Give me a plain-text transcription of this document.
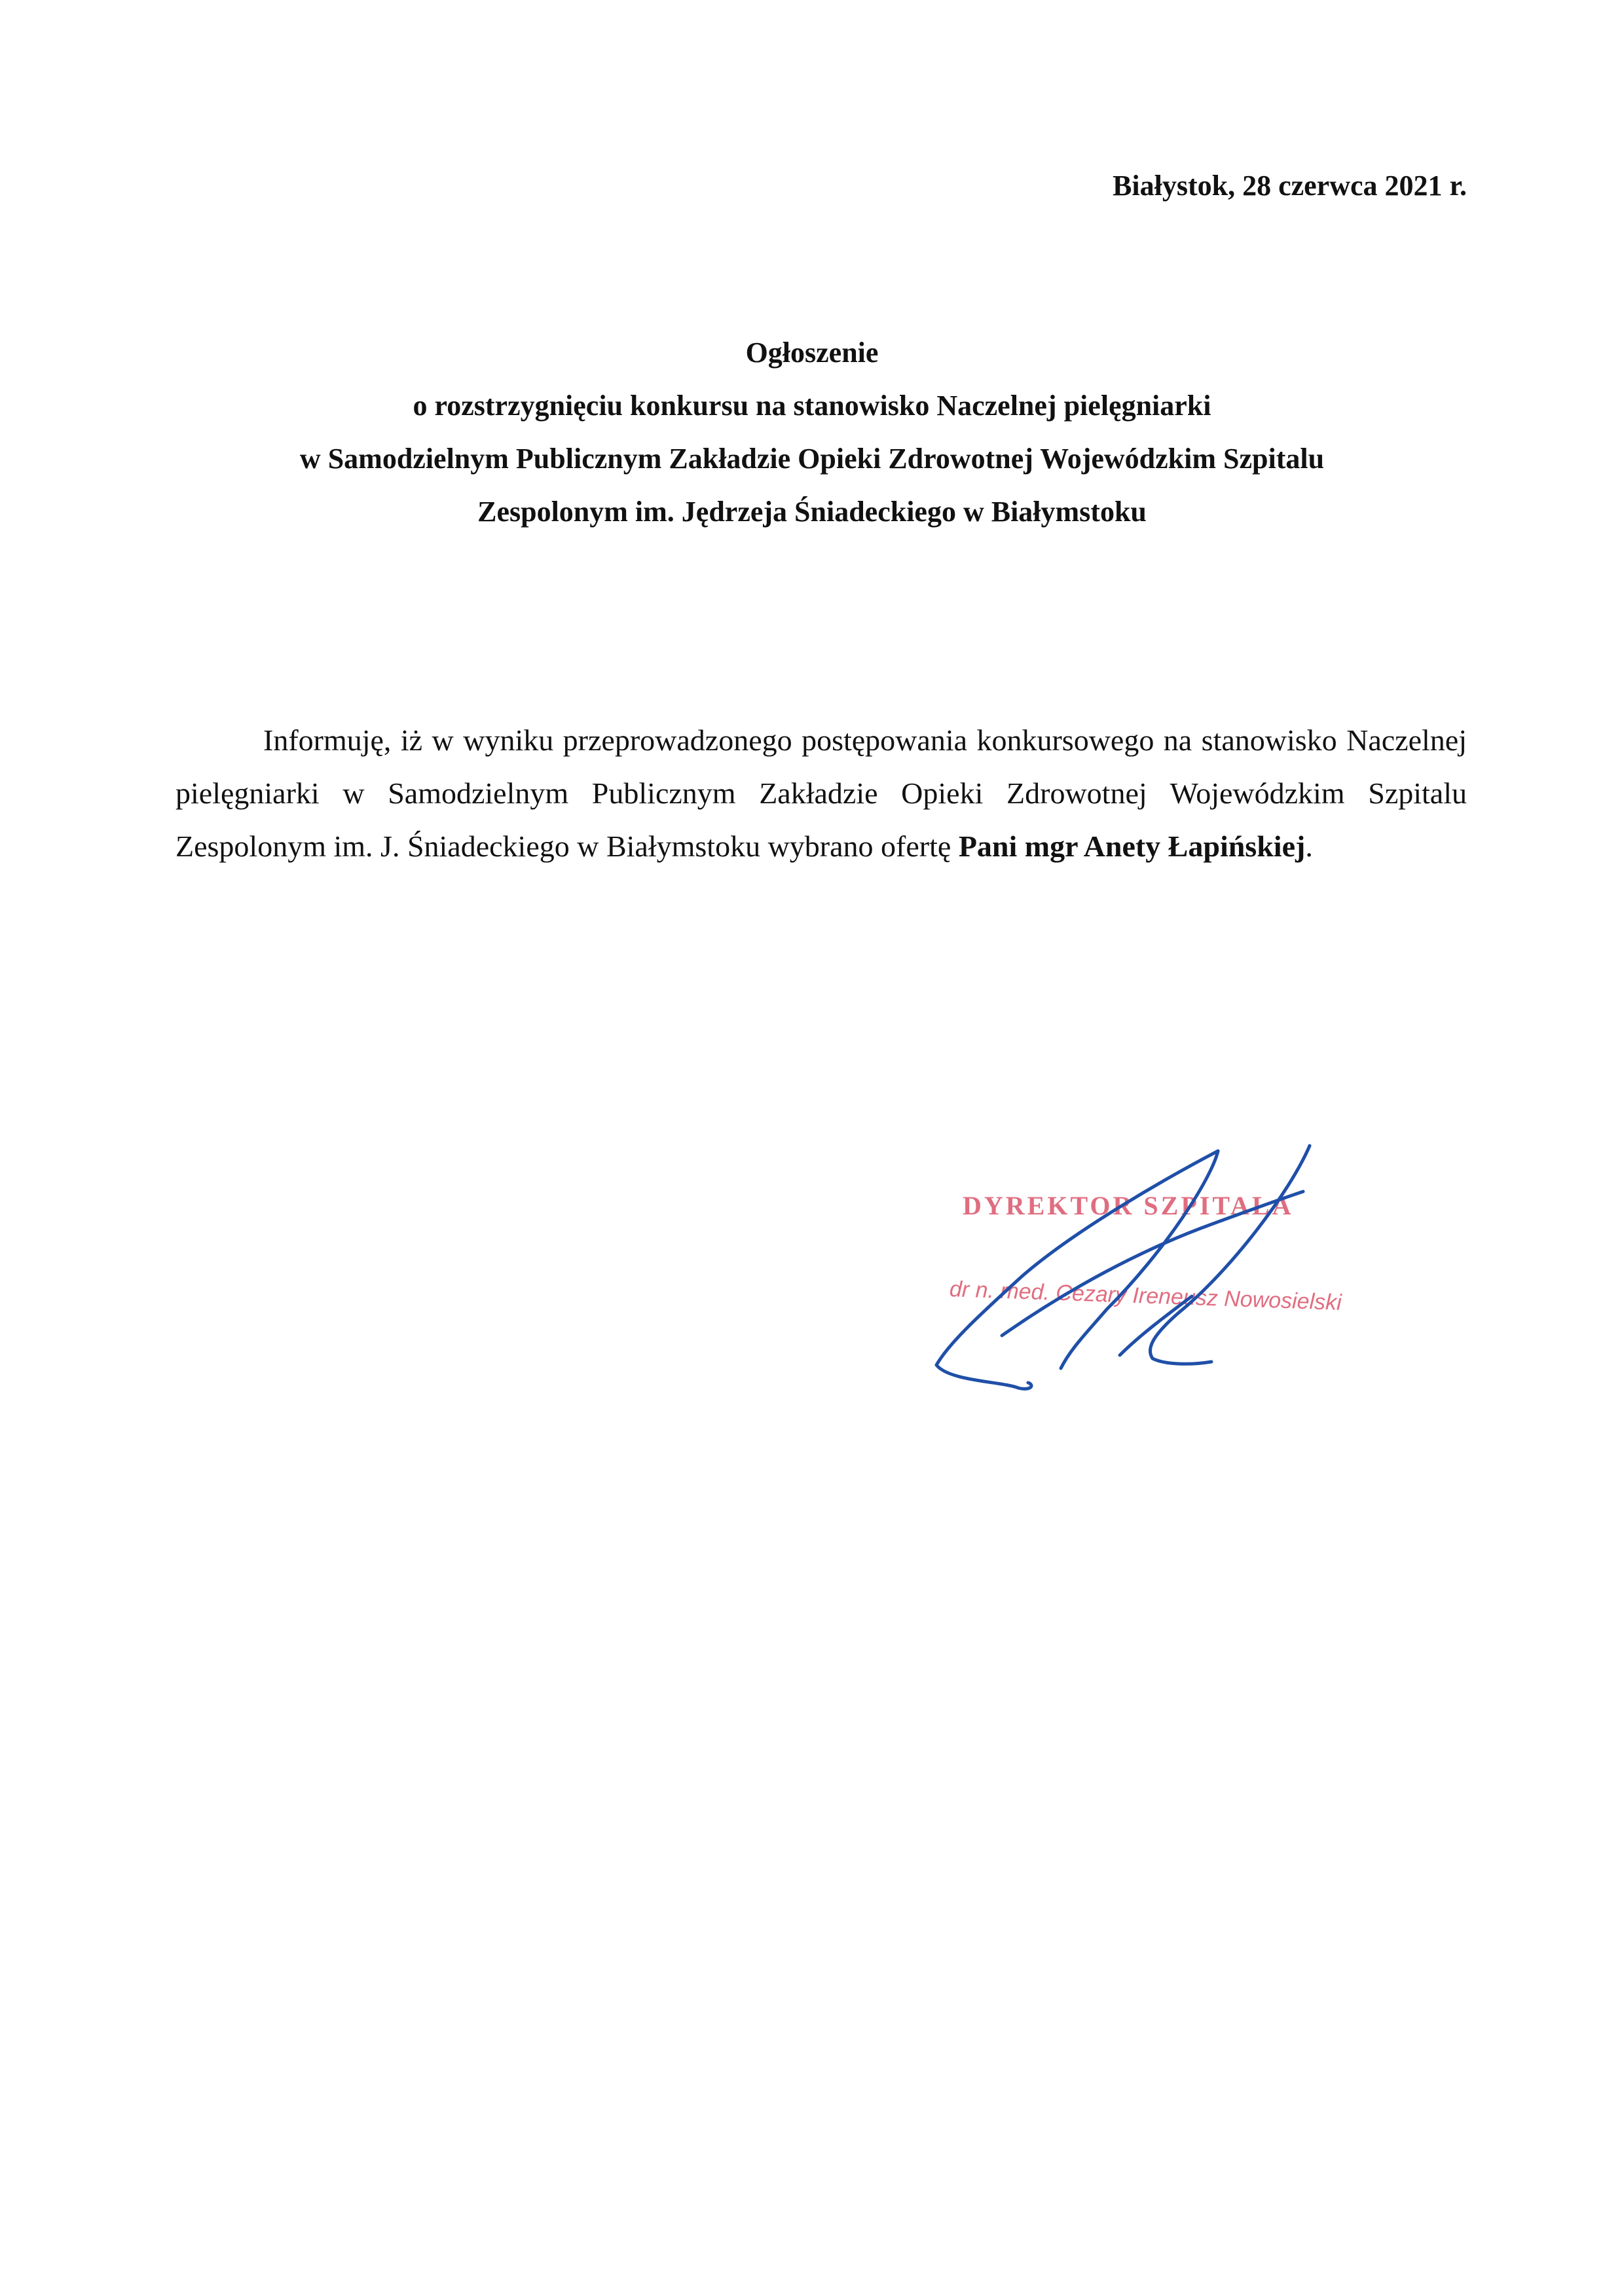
Białystok, 28 czerwca 2021 r.
Ogłoszenie
o rozstrzygnięciu konkursu na stanowisko Naczelnej pielęgniarki
w Samodzielnym Publicznym Zakładzie Opieki Zdrowotnej Wojewódzkim Szpitalu
Zespolonym im. Jędrzeja Śniadeckiego w Białymstoku
Informuję, iż w wyniku przeprowadzonego postępowania konkursowego na stanowisko Naczelnej pielęgniarki w Samodzielnym Publicznym Zakładzie Opieki Zdrowotnej Wojewódzkim Szpitalu Zespolonym im. J. Śniadeckiego w Białymstoku wybrano ofertę Pani mgr Anety Łapińskiej.
DYREKTOR SZPITALA
dr n. med. Cezary Ireneusz Nowosielski
